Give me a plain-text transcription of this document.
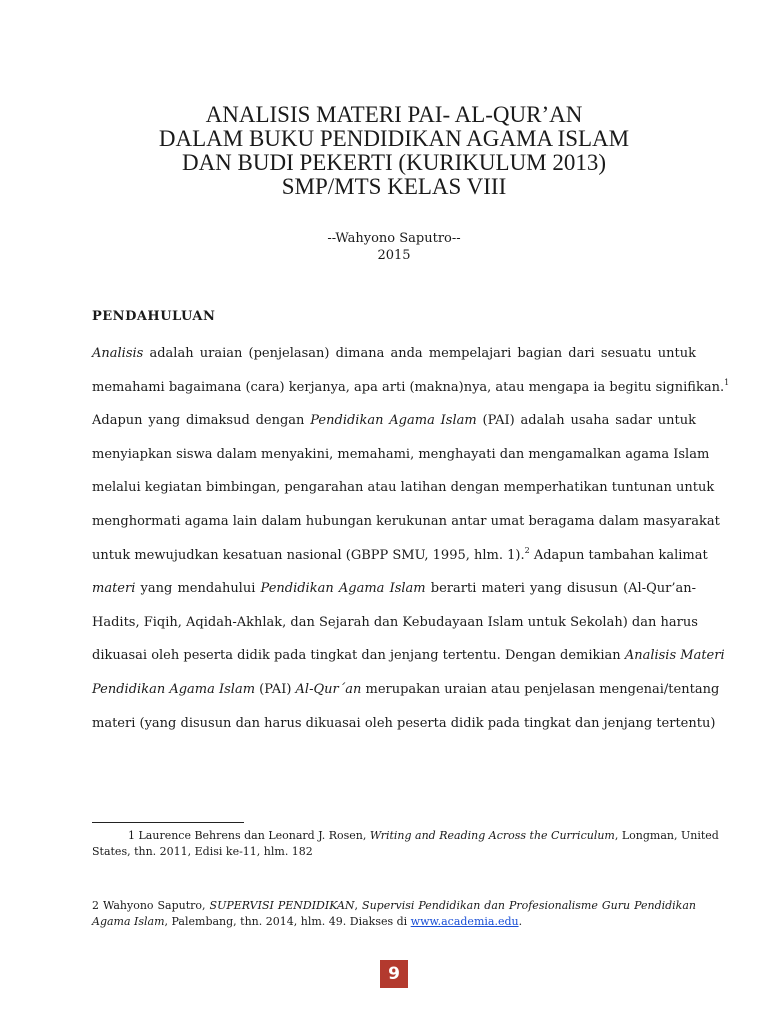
ANALISIS MATERI PAI- AL-QUR’AN
DALAM BUKU PENDIDIKAN AGAMA ISLAM
DAN BUDI PEKERTI (KURIKULUM 2013)
SMP/MTS KELAS VIII
--Wahyono Saputro--
2015
PENDAHULUAN
Analisis adalah uraian (penjelasan) dimana anda mempelajari bagian dari sesuatu untuk
memahami bagaimana (cara) kerjanya, apa arti (makna)nya, atau mengapa ia begitu signifikan.$^1$
Adapun yang dimaksud dengan Pendidikan Agama Islam (PAI) adalah usaha sadar untuk
menyiapkan siswa dalam menyakini, memahami, menghayati dan mengamalkan agama Islam
melalui kegiatan bimbingan, pengarahan atau latihan dengan memperhatikan tuntunan untuk
menghormati agama lain dalam hubungan kerukunan antar umat beragama dalam masyarakat
untuk mewujudkan kesatuan nasional (GBPP SMU, 1995, hlm. 1).$^2$ Adapun tambahan kalimat
materi yang mendahului Pendidikan Agama Islam berarti materi yang disusun (Al-Qur’an-
Hadits, Fiqih, Aqidah-Akhlak, dan Sejarah dan Kebudayaan Islam untuk Sekolah) dan harus
dikuasai oleh peserta didik pada tingkat dan jenjang tertentu. Dengan demikian Analisis Materi
Pendidikan Agama Islam (PAI) Al-Qur´an merupakan uraian atau penjelasan mengenai/tentang
materi (yang disusun dan harus dikuasai oleh peserta didik pada tingkat dan jenjang tertentu)
1 Laurence Behrens dan Leonard J. Rosen, Writing and Reading Across the Curriculum, Longman, United
States, thn. 2011, Edisi ke-11, hlm. 182
2 Wahyono Saputro, SUPERVISI PENDIDIKAN, Supervisi Pendidikan dan Profesionalisme Guru Pendidikan
Agama Islam, Palembang, thn. 2014, hlm. 49. Diakses di www.academia.edu.
9
